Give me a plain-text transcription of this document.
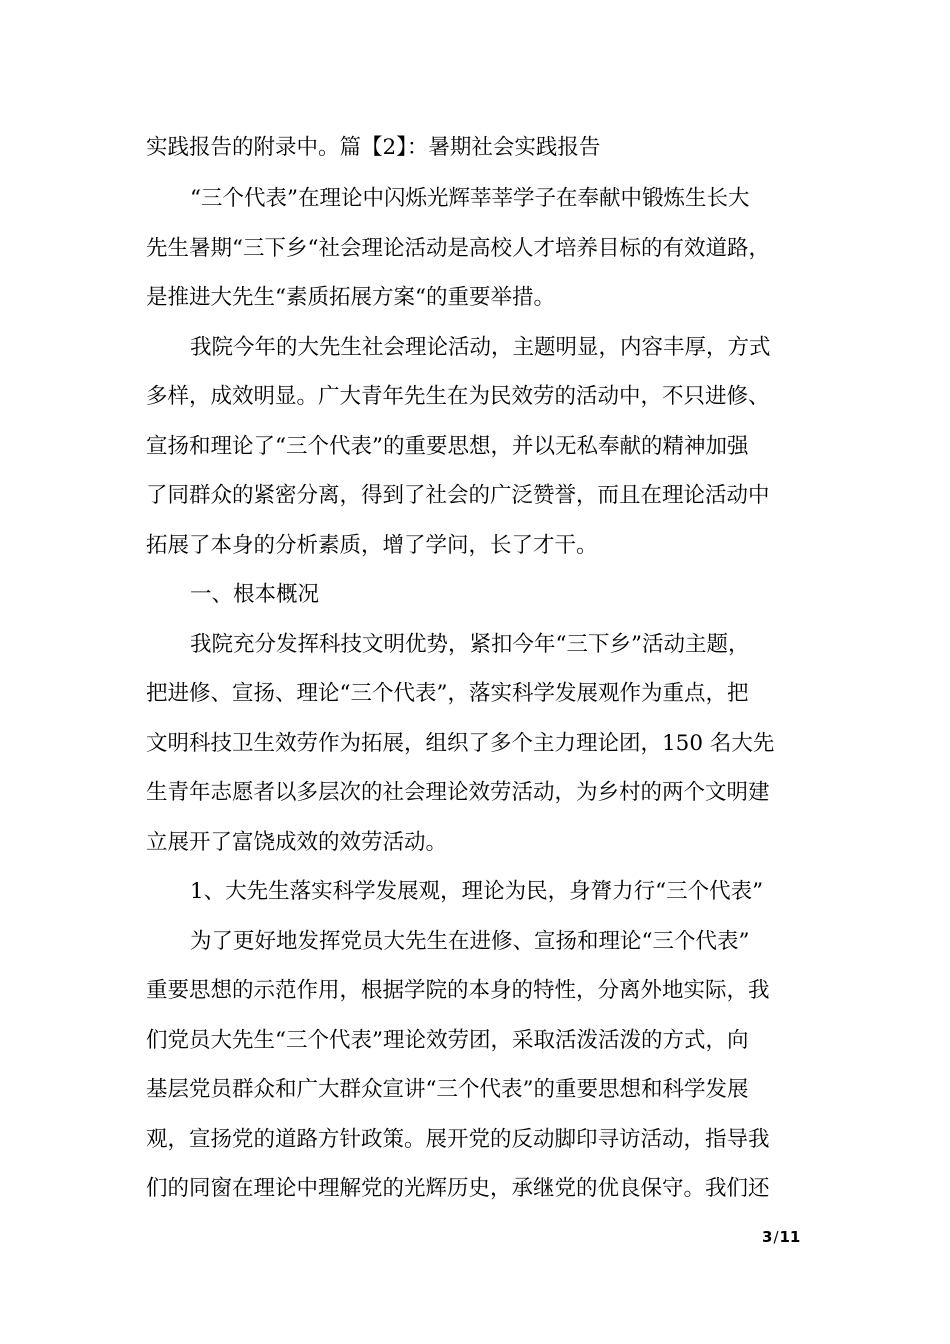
实践报告的附录中。篇【2】：暑期社会实践报告
“三个代表”在理论中闪烁光辉莘莘学子在奉献中锻炼生长大
先生暑期“三下乡“社会理论活动是高校人才培养目标的有效道路，
是推进大先生“素质拓展方案“的重要举措。
我院今年的大先生社会理论活动，主题明显，内容丰厚，方式
多样，成效明显。广大青年先生在为民效劳的活动中，不只进修、
宣扬和理论了“三个代表”的重要思想，并以无私奉献的精神加强
了同群众的紧密分离，得到了社会的广泛赞誉，而且在理论活动中
拓展了本身的分析素质，增了学问，长了才干。
一、根本概况
我院充分发挥科技文明优势，紧扣今年“三下乡”活动主题，
把进修、宣扬、理论“三个代表”，落实科学发展观作为重点，把
文明科技卫生效劳作为拓展，组织了多个主力理论团，150 名大先
生青年志愿者以多层次的社会理论效劳活动，为乡村的两个文明建
立展开了富饶成效的效劳活动。
1、大先生落实科学发展观，理论为民，身膂力行“三个代表”
为了更好地发挥党员大先生在进修、宣扬和理论“三个代表”
重要思想的示范作用，根据学院的本身的特性，分离外地实际，我
们党员大先生“三个代表”理论效劳团，采取活泼活泼的方式，向
基层党员群众和广大群众宣讲“三个代表”的重要思想和科学发展
观，宣扬党的道路方针政策。展开党的反动脚印寻访活动，指导我
们的同窗在理论中理解党的光辉历史，承继党的优良保守。我们还
3/11
